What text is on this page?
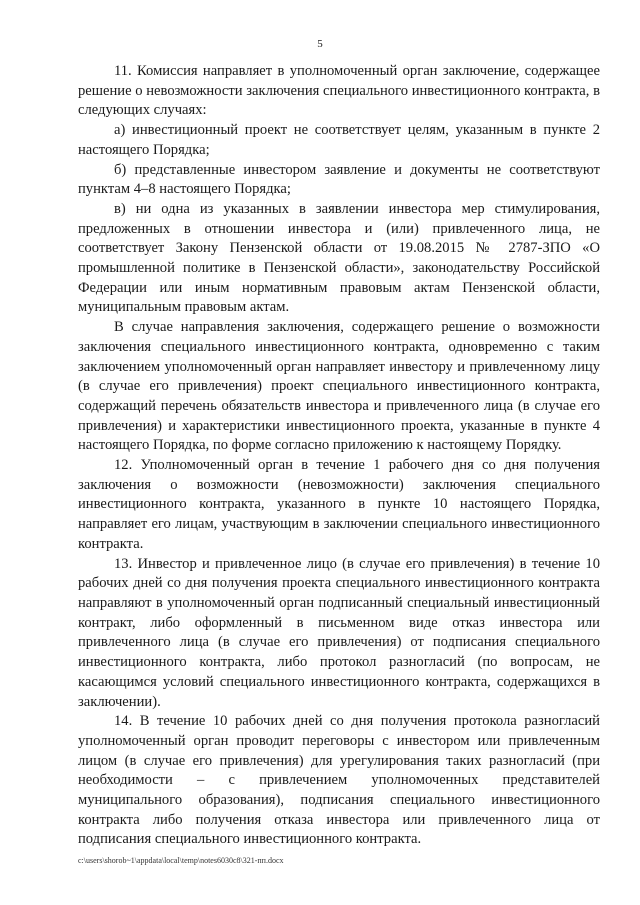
5

11. Комиссия направляет в уполномоченный орган заключение, содержащее решение о невозможности заключения специального инвестиционного контракта, в следующих случаях:

а) инвестиционный проект не соответствует целям, указанным в пункте 2 настоящего Порядка;

б) представленные инвестором заявление и документы не соответствуют пунктам 4–8 настоящего Порядка;

в) ни одна из указанных в заявлении инвестора мер стимулирования, предложенных в отношении инвестора и (или) привлеченного лица, не соответствует Закону Пензенской области от 19.08.2015 № 2787-ЗПО «О промышленной политике в Пензенской области», законодательству Российской Федерации или иным нормативным правовым актам Пензенской области, муниципальным правовым актам.

В случае направления заключения, содержащего решение о возможности заключения специального инвестиционного контракта, одновременно с таким заключением уполномоченный орган направляет инвестору и привлеченному лицу (в случае его привлечения) проект специального инвестиционного контракта, содержащий перечень обязательств инвестора и привлеченного лица (в случае его привлечения) и характеристики инвестиционного проекта, указанные в пункте 4 настоящего Порядка, по форме согласно приложению к настоящему Порядку.

12. Уполномоченный орган в течение 1 рабочего дня со дня получения заключения о возможности (невозможности) заключения специального инвестиционного контракта, указанного в пункте 10 настоящего Порядка, направляет его лицам, участвующим в заключении специального инвестиционного контракта.

13. Инвестор и привлеченное лицо (в случае его привлечения) в течение 10 рабочих дней со дня получения проекта специального инвестиционного контракта направляют в уполномоченный орган подписанный специальный инвестиционный контракт, либо оформленный в письменном виде отказ инвестора или привлеченного лица (в случае его привлечения) от подписания специального инвестиционного контракта, либо протокол разногласий (по вопросам, не касающимся условий специального инвестиционного контракта, содержащихся в заключении).

14. В течение 10 рабочих дней со дня получения протокола разногласий уполномоченный орган проводит переговоры с инвестором или привлеченным лицом (в случае его привлечения) для урегулирования таких разногласий (при необходимости – с привлечением уполномоченных представителей муниципального образования), подписания специального инвестиционного контракта либо получения отказа инвестора или привлеченного лица от подписания специального инвестиционного контракта.

c:\users\shorob~1\appdata\local\temp\notes6030c8\321-пп.docx
